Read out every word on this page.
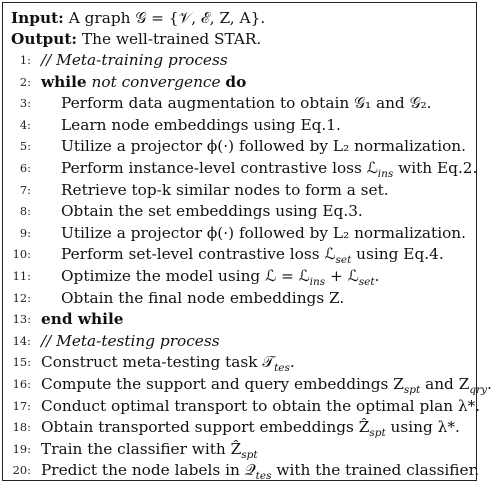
Input: A graph 𝒢 = {𝒱, ℰ, Z, A}.
Output: The well-trained STAR.
1: // Meta-training process
2: while not convergence do
3: Perform data augmentation to obtain 𝒢₁ and 𝒢₂.
4: Learn node embeddings using Eq.1.
5: Utilize a projector ϕ(·) followed by L₂ normalization.
6: Perform instance-level contrastive loss ℒ$_{ins}$ with Eq.2.
7: Retrieve top-k similar nodes to form a set.
8: Obtain the set embeddings using Eq.3.
9: Utilize a projector ϕ(·) followed by L₂ normalization.
10: Perform set-level contrastive loss ℒ$_{set}$ using Eq.4.
11: Optimize the model using ℒ = ℒ$_{ins}$ + ℒ$_{set}$.
12: Obtain the final node embeddings Z.
13: end while
14: // Meta-testing process
15: Construct meta-testing task 𝒯$_{tes}$.
16: Compute the support and query embeddings $Z_{spt}$ and $Z_{qry}$.
17: Conduct optimal transport to obtain the optimal plan λ*.
18: Obtain transported support embeddings Ẑ$_{spt}$ using λ*.
19: Train the classifier with Ẑ$_{spt}$
20: Predict the node labels in 𝒬$_{tes}$ with the trained classifier.
